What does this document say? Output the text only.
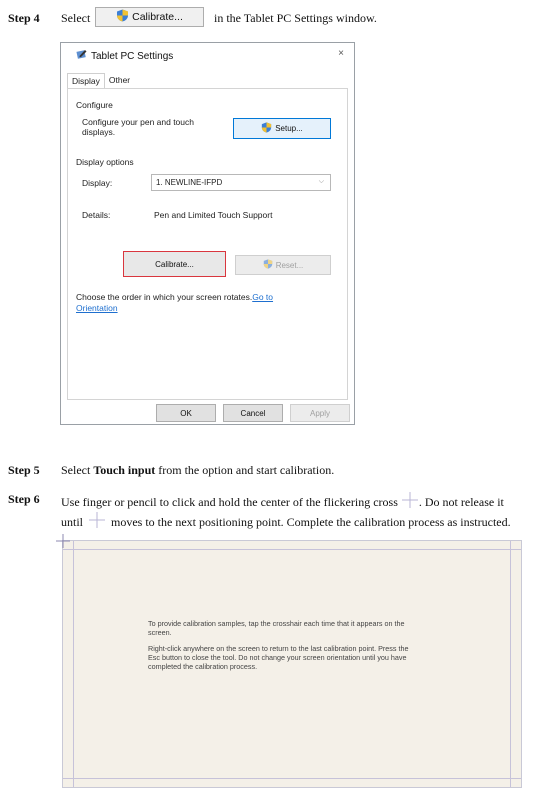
Step 4 Select	Calibrate...	in the Tablet PC Settings window.
Tablet PC Settings	×
Display	Other
Configure
Configure your pen and touch displays.	Setup...
Display options
Display:	1. NEWLINE-IFPD	⌵
Details:	Pen and Limited Touch Support
Calibrate...	Reset...
Choose the order in which your screen rotates.Go to
Orientation
OK	Cancel	Apply
Step 5 Select Touch input from the option and start calibration.
Step 6 Use finger or pencil to click and hold the center of the flickering cross . Do not release it
until moves to the next positioning point. Complete the calibration process as instructed.

To provide calibration samples, tap the crosshair each time that it appears on the screen.

Right-click anywhere on the screen to return to the last calibration point. Press the Esc button to close the tool. Do not change your screen orientation until you have completed the calibration process.
